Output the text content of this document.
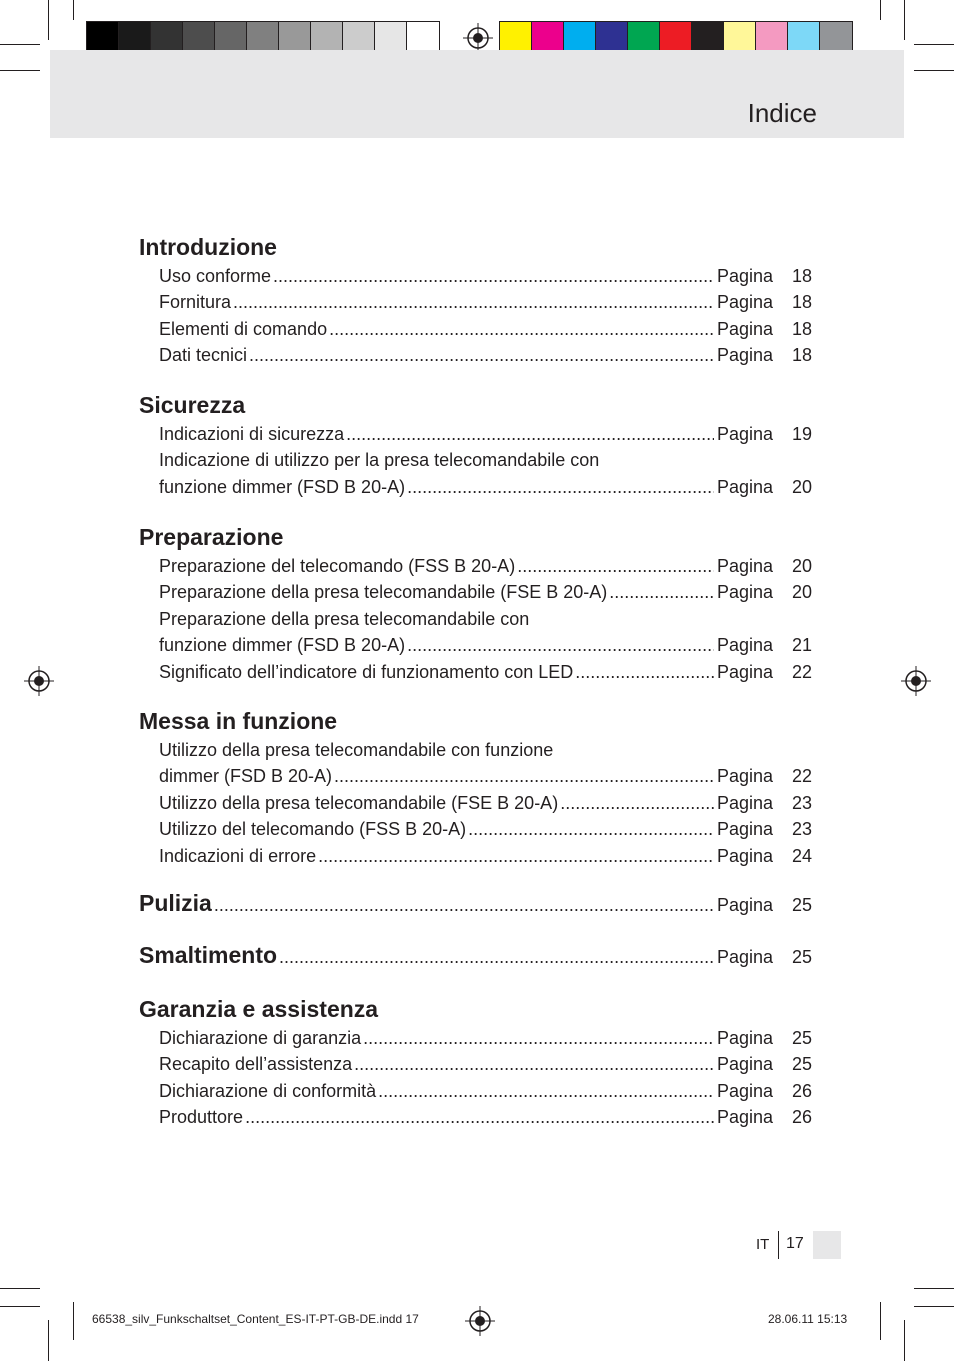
Indice
Introduzione
Uso conforme .....	Pagina	18
Fornitura .....	Pagina	18
Elementi di comando .....	Pagina	18
Dati tecnici .....	Pagina	18
Sicurezza
Indicazioni di sicurezza .....	Pagina	19
Indicazione di utilizzo per la presa telecomandabile con
funzione dimmer (FSD B 20-A) .....	Pagina	20
Preparazione
Preparazione del telecomando (FSS B 20-A) .....	Pagina	20
Preparazione della presa telecomandabile (FSE B 20-A) .....	Pagina	20
Preparazione della presa telecomandabile con
funzione dimmer (FSD B 20-A) .....	Pagina	21
Significato dell’indicatore di funzionamento con LED .....	Pagina	22
Messa in funzione
Utilizzo della presa telecomandabile con funzione
dimmer (FSD B 20-A) .....	Pagina	22
Utilizzo della presa telecomandabile (FSE B 20-A) .....	Pagina	23
Utilizzo del telecomando (FSS B 20-A) .....	Pagina	23
Indicazioni di errore .....	Pagina	24
Pulizia .....	Pagina	25
Smaltimento .....	Pagina	25
Garanzia e assistenza
Dichiarazione di garanzia .....	Pagina	25
Recapito dell’assistenza .....	Pagina	25
Dichiarazione di conformità .....	Pagina	26
Produttore .....	Pagina	26
IT 17
66538_silv_Funkschaltset_Content_ES-IT-PT-GB-DE.indd 17	28.06.11 15:13
